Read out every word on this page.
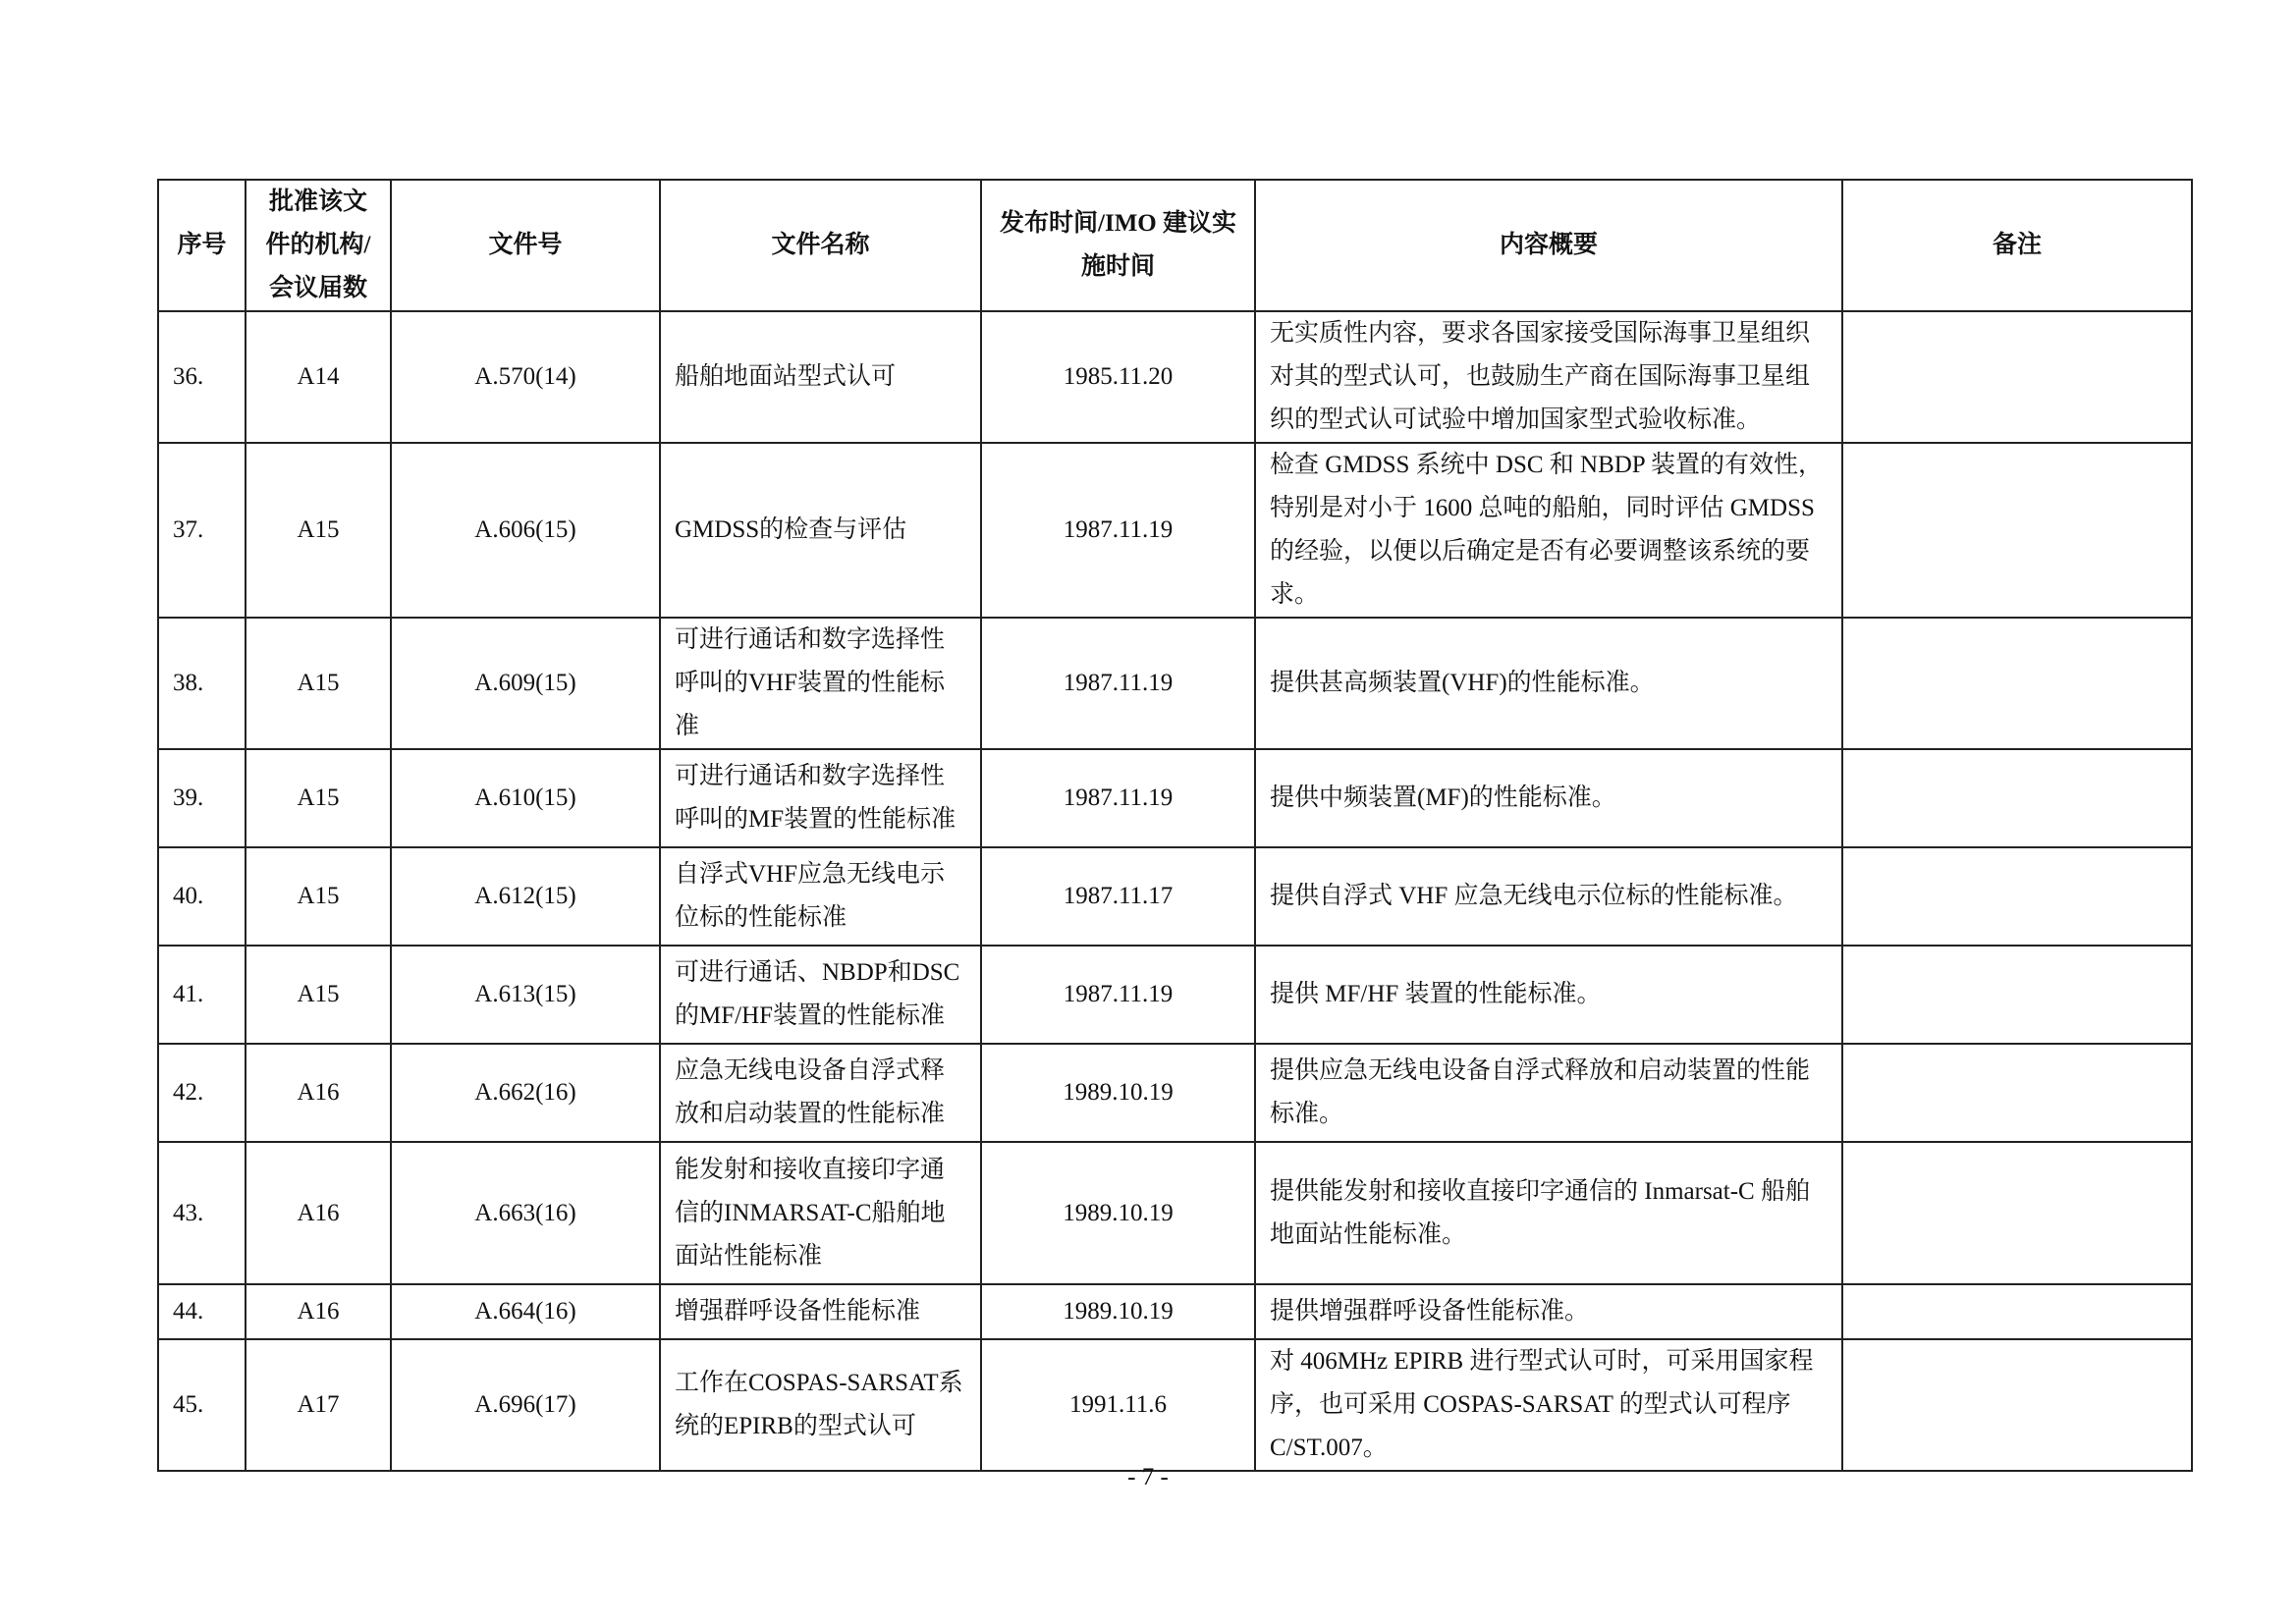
序号	批准该文件的机构/会议届数	文件号	文件名称	发布时间/IMO 建议实施时间	内容概要	备注
36.	A14	A.570(14)	船舶地面站型式认可	1985.11.20	无实质性内容，要求各国家接受国际海事卫星组织对其的型式认可，也鼓励生产商在国际海事卫星组织的型式认可试验中增加国家型式验收标准。	
37.	A15	A.606(15)	GMDSS的检查与评估	1987.11.19	检查 GMDSS 系统中 DSC 和 NBDP 装置的有效性，特别是对小于 1600 总吨的船舶，同时评估 GMDSS 的经验，以便以后确定是否有必要调整该系统的要求。	
38.	A15	A.609(15)	可进行通话和数字选择性呼叫的VHF装置的性能标准	1987.11.19	提供甚高频装置(VHF)的性能标准。	
39.	A15	A.610(15)	可进行通话和数字选择性呼叫的MF装置的性能标准	1987.11.19	提供中频装置(MF)的性能标准。	
40.	A15	A.612(15)	自浮式VHF应急无线电示位标的性能标准	1987.11.17	提供自浮式 VHF 应急无线电示位标的性能标准。	
41.	A15	A.613(15)	可进行通话、NBDP和DSC的MF/HF装置的性能标准	1987.11.19	提供 MF/HF 装置的性能标准。	
42.	A16	A.662(16)	应急无线电设备自浮式释放和启动装置的性能标准	1989.10.19	提供应急无线电设备自浮式释放和启动装置的性能标准。	
43.	A16	A.663(16)	能发射和接收直接印字通信的INMARSAT-C船舶地面站性能标准	1989.10.19	提供能发射和接收直接印字通信的 Inmarsat-C 船舶地面站性能标准。	
44.	A16	A.664(16)	增强群呼设备性能标准	1989.10.19	提供增强群呼设备性能标准。	
45.	A17	A.696(17)	工作在COSPAS-SARSAT系统的EPIRB的型式认可	1991.11.6	对 406MHz EPIRB 进行型式认可时，可采用国家程序，也可采用 COSPAS-SARSAT 的型式认可程序C/ST.007。	
- 7 -
